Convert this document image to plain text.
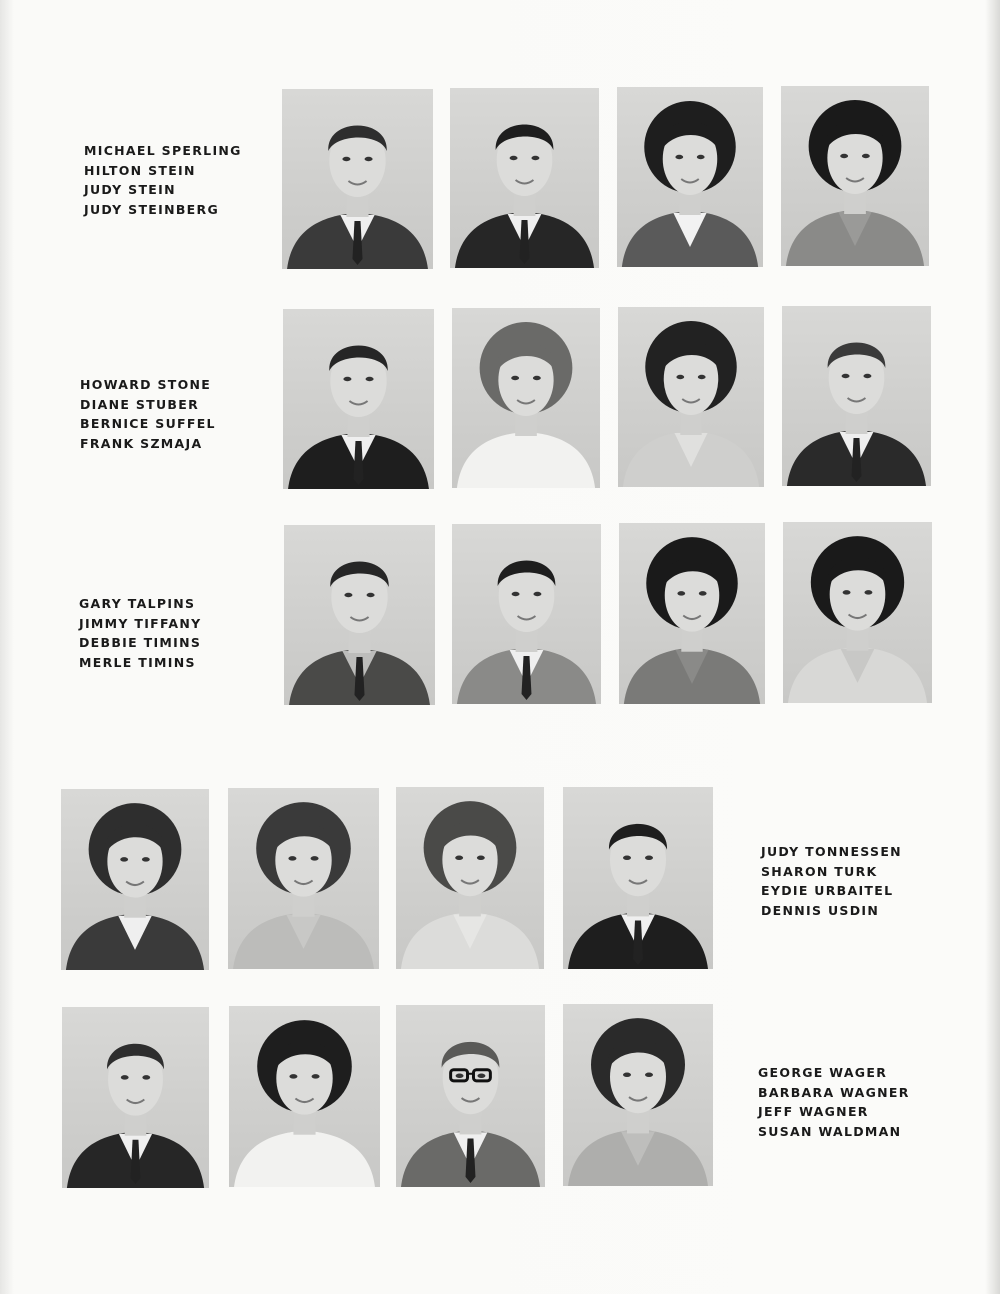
MICHAEL SPERLING
HILTON STEIN
JUDY STEIN
JUDY STEINBERG
HOWARD STONE
DIANE STUBER
BERNICE SUFFEL
FRANK SZMAJA
GARY TALPINS
JIMMY TIFFANY
DEBBIE TIMINS
MERLE TIMINS
JUDY TONNESSEN
SHARON TURK
EYDIE URBAITEL
DENNIS USDIN
GEORGE WAGER
BARBARA WAGNER
JEFF WAGNER
SUSAN WALDMAN
